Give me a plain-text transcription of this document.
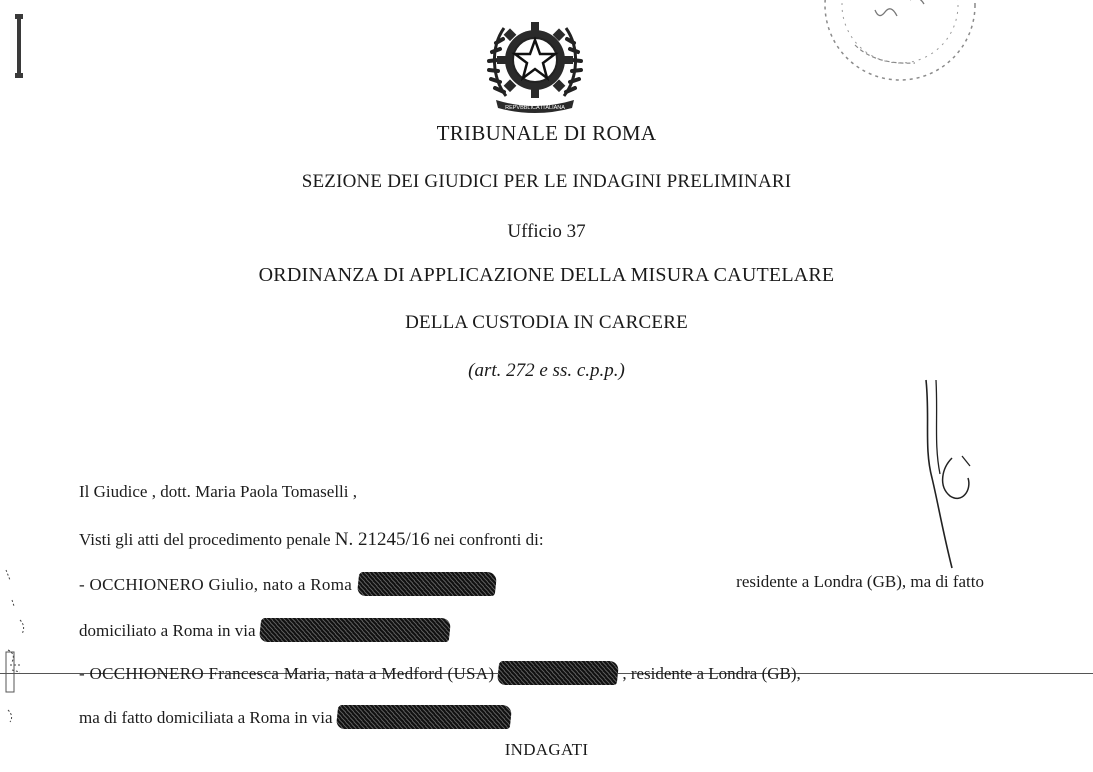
REPVBBLICA ITALIANA
TRIBUNALE DI ROMA
SEZIONE DEI GIUDICI PER LE INDAGINI PRELIMINARI
Ufficio 37
ORDINANZA DI APPLICAZIONE DELLA MISURA CAUTELARE
DELLA CUSTODIA IN CARCERE
(art. 272 e ss. c.p.p.)
Il Giudice , dott. Maria Paola Tomaselli ,
Visti gli atti del procedimento penale N. 21245/16 nei confronti di:
- OCCHIONERO Giulio, nato a Roma	residente a Londra (GB), ma di fatto
domiciliato a Roma in via
- OCCHIONERO Francesca Maria, nata a Medford (USA)	, residente a Londra (GB),
ma di fatto domiciliata a Roma in via
INDAGATI
